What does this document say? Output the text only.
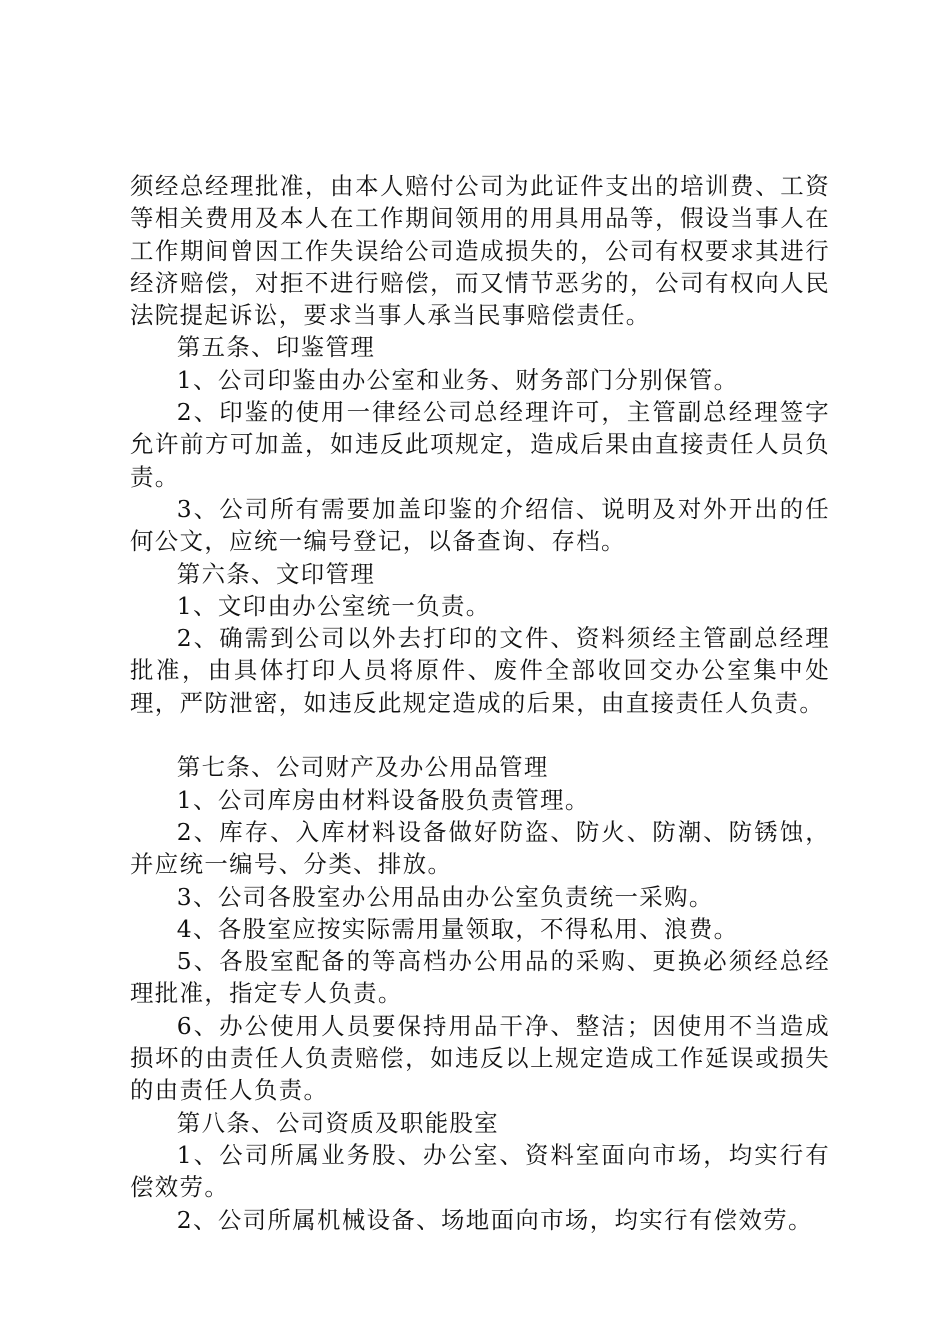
须经总经理批准，由本人赔付公司为此证件支出的培训费、工资等相关费用及本人在工作期间领用的用具用品等，假设当事人在工作期间曾因工作失误给公司造成损失的，公司有权要求其进行经济赔偿，对拒不进行赔偿，而又情节恶劣的，公司有权向人民法院提起诉讼，要求当事人承当民事赔偿责任。

第五条、印鉴管理

1、公司印鉴由办公室和业务、财务部门分别保管。

2、印鉴的使用一律经公司总经理许可，主管副总经理签字允许前方可加盖，如违反此项规定，造成后果由直接责任人员负责。

3、公司所有需要加盖印鉴的介绍信、说明及对外开出的任何公文，应统一编号登记，以备查询、存档。

第六条、文印管理

1、文印由办公室统一负责。

2、确需到公司以外去打印的文件、资料须经主管副总经理批准，由具体打印人员将原件、废件全部收回交办公室集中处理，严防泄密，如违反此规定造成的后果，由直接责任人负责。

第七条、公司财产及办公用品管理

1、公司库房由材料设备股负责管理。

2、库存、入库材料设备做好防盗、防火、防潮、防锈蚀，并应统一编号、分类、排放。

3、公司各股室办公用品由办公室负责统一采购。

4、各股室应按实际需用量领取，不得私用、浪费。

5、各股室配备的等高档办公用品的采购、更换必须经总经理批准，指定专人负责。

6、办公使用人员要保持用品干净、整洁；因使用不当造成损坏的由责任人负责赔偿，如违反以上规定造成工作延误或损失的由责任人负责。

第八条、公司资质及职能股室

1、公司所属业务股、办公室、资料室面向市场，均实行有偿效劳。

2、公司所属机械设备、场地面向市场，均实行有偿效劳。
